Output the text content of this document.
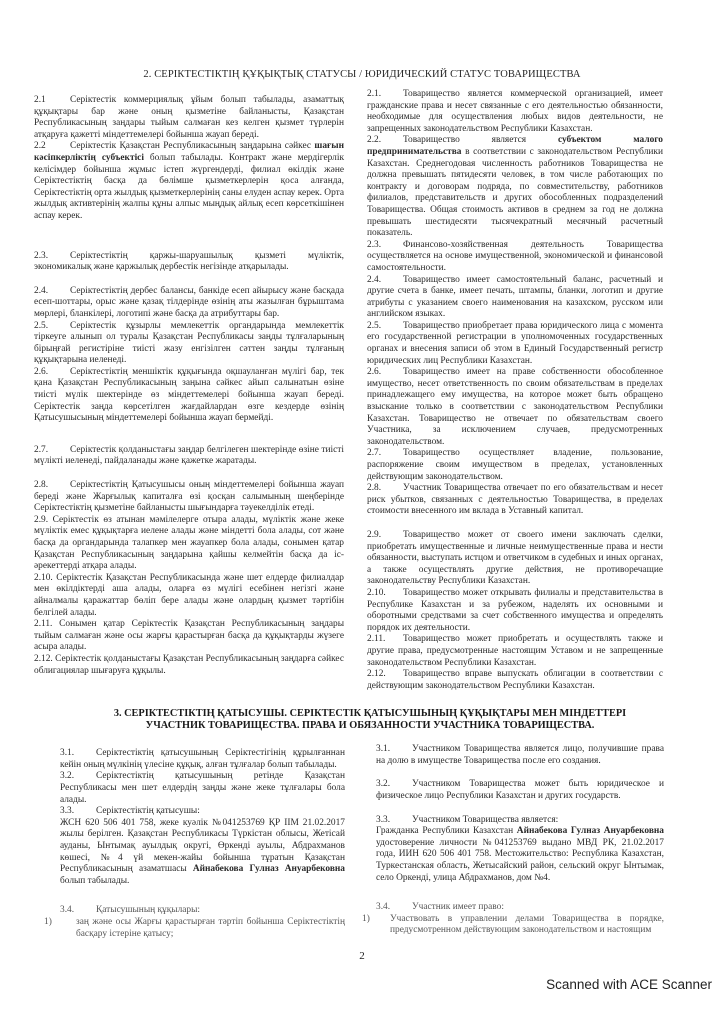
2. СЕРІКТЕСТІКТІҢ ҚҰҚЫҚТЫҚ СТАТУСЫ / ЮРИДИЧЕСКИЙ СТАТУС ТОВАРИЩЕСТВА

2.1	Серіктестік коммерциялық ұйым болып табылады, азаматтық құқықтары бар және оның қызметіне байланысты, Қазақстан Республикасының заңдары тыйым салмаған кез келген қызмет түрлерін атқаруға қажетті міндеттемелері бойынша жауап береді.

2.2	Серіктестік Қазақстан Республикасының заңдарына сәйкес шағын кәсіпкерліктің субъектісі болып табылады. Контракт және мердігерлік келісімдер бойынша жұмыс істеп жүргендерді, филиал өкілдік және Серіктестіктің басқа да бөлімше қызметкерлерін қоса алғанда, Серіктестіктің орта жылдық қызметкерлерінің саны елуден аспау керек. Орта жылдық активтерінің жалпы құны алпыс мыңдық айлық есеп көрсеткішінен аспау керек.

2.3. Серіктестіктің қаржы-шаруашылық қызметі мүліктік, экономикалық және қаржылық дербестік негізінде атқарылады.

2.4. Серіктестіктің дербес балансы, банкіде есеп айырысу және басқада есеп-шоттары, орыс және қазақ тілдерінде өзінің аты жазылған бұрыштама мөрлері, бланкілері, логотипі және басқа да атрибуттары бар.

2.5. Серіктестік құзырлы мемлекеттік органдарында мемлекеттік тіркеуге алынып ол туралы Қазақстан Республикасы заңды тұлғаларының бірыңғай регистіріне тиісті жазу енгізілген сәттен заңды тұлғаның құқықтарына иеленеді.

2.6. Серіктестіктің меншіктік құқығында оқшауланған мүлігі бар, тек қана Қазақстан Республикасының заңына сәйкес айып салынатын өзіне тиісті мүлік шектерінде өз міндеттемелері бойынша жауап береді. Серіктестік заңда көрсетілген жағдайлардан өзге кездерде өзінің Қатысушысының міндеттемелері бойынша жауап бермейді.

2.7. Серіктестік қолданыстағы заңдар белгілеген шектерінде өзіне тиісті мүлікті иеленеді, пайдаланады және қажетке жаратады.

2.8. Серіктестіктің Қатысушысы оның міндеттемелері бойынша жауап береді және Жарғылық капиталға өзі қосқан салымының шеңберінде Серіктестіктің қызметіне байланысты шығындарға тәуекелділік етеді.

2.9. Серіктестік өз атынан мәмілелерге отыра алады, мүліктік және жеке мүліктік емес құқықтарға иелене алады және міндетті бола алады, сот және басқа да органдарында талапкер мен жауапкер бола алады, сонымен қатар Қазақстан Республикасының заңдарына қайшы келмейтін басқа да іс-әрекеттерді атқара алады.

2.10. Серіктестік Қазақстан Республикасында және шет елдерде филиалдар мен өкілдіктерді аша алады, оларға өз мүлігі есебінен негізгі және айналмалы қаражаттар бөліп бере алады және олардың қызмет тәртібін белгілей алады.

2.11. Сонымен қатар Серіктестік Қазақстан Республикасының заңдары тыйым салмаған және осы жарғы қарастырған басқа да құқықтарды жүзеге асыра алады.

2.12. Серіктестік қолданыстағы Қазақстан Республикасының заңдарға сәйкес облигациялар шығаруға құқылы.

2.1. Товарищество является коммерческой организацией, имеет гражданские права и несет связанные с его деятельностью обязанности, необходимые для осуществления любых видов деятельности, не запрещенных законодательством Республики Казахстан.

2.2. Товарищество является субъектом малого предпринимательства в соответствии с законодательством Республики Казахстан. Среднегодовая численность работников Товарищества не должна превышать пятидесяти человек, в том числе работающих по контракту и договорам подряда, по совместительству, работников филиалов, представительств и других обособленных подразделений Товарищества. Общая стоимость активов в среднем за год не должна превышать шестидесяти тысячекратный месячный расчетный показатель.

2.3. Финансово-хозяйственная деятельность Товарищества осуществляется на основе имущественной, экономической и финансовой самостоятельности.

2.4. Товарищество имеет самостоятельный баланс, расчетный и другие счета в банке, имеет печать, штампы, бланки, логотип и другие атрибуты с указанием своего наименования на казахском, русском или английском языках.

2.5. Товарищество приобретает права юридического лица с момента его государственной регистрации в уполномоченных государственных органах и внесения записи об этом в Единый Государственный регистр юридических лиц Республики Казахстан.

2.6. Товарищество имеет на праве собственности обособленное имущество, несет ответственность по своим обязательствам в пределах принадлежащего ему имущества, на которое может быть обращено взыскание только в соответствии с законодательством Республики Казахстан. Товарищество не отвечает по обязательствам своего Участника, за исключением случаев, предусмотренных законодательством.

2.7. Товарищество осуществляет владение, пользование, распоряжение своим имуществом в пределах, установленных действующим законодательством.

2.8. Участник Товарищества отвечает по его обязательствам и несет риск убытков, связанных с деятельностью Товарищества, в пределах стоимости внесенного им вклада в Уставный капитал.

2.9. Товарищество может от своего имени заключать сделки, приобретать имущественные и личные неимущественные права и нести обязанности, выступать истцом и ответчиком в судебных и иных органах, а также осуществлять другие действия, не противоречащие законодательству Республики Казахстан.

2.10. Товарищество может открывать филиалы и представительства в Республике Казахстан и за рубежом, наделять их основными и оборотными средствами за счет собственного имущества и определять порядок их деятельности.

2.11. Товарищество может приобретать и осуществлять также и другие права, предусмотренные настоящим Уставом и не запрещенные законодательством Республики Казахстан.

2.12. Товарищество вправе выпускать облигации в соответствии с действующим законодательством Республики Казахстан.

3. СЕРІКТЕСТІКТІҢ ҚАТЫСУШЫ. СЕРІКТЕСТІК ҚАТЫСУШЫНЫҢ ҚҰҚЫҚТАРЫ МЕН МІНДЕТТЕРІ
УЧАСТНИК ТОВАРИЩЕСТВА. ПРАВА И ОБЯЗАННОСТИ УЧАСТНИКА ТОВАРИЩЕСТВА.

3.1. Серіктестіктің қатысушының Серіктестігінің құрылғаннан кейін оның мүлкінің үлесіне құқық, алған тұлғалар болып табылады.

3.2. Серіктестіктің қатысушының ретінде Қазақстан Республикасы мен шет елдердің заңды және жеке тұлғалары бола алады.

3.3. Серіктестіктің қатысушы:

ЖСН 620 506 401 758, жеке куәлік №041253769 ҚР ІІМ 21.02.2017 жылы берілген. Қазақстан Республикасы Түркістан облысы, Жетісай ауданы, Ынтымақ ауылдық округі, Өркенді ауылы, Абдрахманов көшесі, №4 үй мекен-жайы бойынша тұратын Қазақстан Республикасының азаматшасы Айнабекова Гулназ Ануарбековна болып табылады.

3.4. Қатысушының құқылары:

1)	заң және осы Жарғы қарастырған тәртіп бойынша Серіктестіктің басқару істеріне қатысу;

3.1. Участником Товарищества является лицо, получившие права на долю в имуществе Товарищества после его создания.

3.2. Участником Товарищества может быть юридическое и физическое лицо Республики Казахстан и других государств.

3.3. Участником Товарищества является:

Гражданка Республики Казахстан Айнабекова Гулназ Ануарбековна удостоверение личности №041253769 выдано МВД РК, 21.02.2017 года, ИИН 620 506 401 758. Местожительство: Республика Казахстан, Туркестанская область, Жетысайский район, сельский округ Ынтымак, село Оркенді, улица Абдрахманов, дом №4.

3.4. Участник имеет право:

1) Участвовать в управлении делами Товарищества в порядке, предусмотренном действующим законодательством и настоящим

2
Scanned with ACE Scanner
